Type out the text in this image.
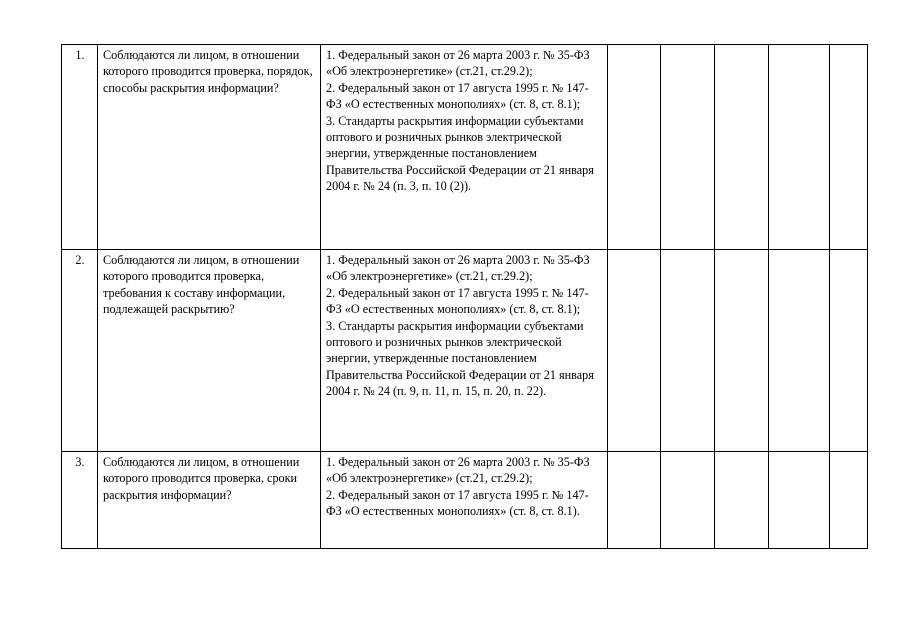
1.	Соблюдаются ли лицом, в отношении которого проводится проверка, порядок, способы раскрытия информации?	1. Федеральный закон от 26 марта 2003 г. № 35-ФЗ «Об электроэнергетике» (ст.21, ст.29.2);
2. Федеральный закон от 17 августа 1995 г. № 147-ФЗ «О естественных монополиях» (ст. 8, ст. 8.1);
3. Стандарты раскрытия информации субъектами оптового и розничных рынков электрической энергии, утвержденные постановлением Правительства Российской Федерации от 21 января 2004 г. № 24 (п. 3, п. 10 (2)).					

2.	Соблюдаются ли лицом, в отношении которого проводится проверка, требования к составу информации, подлежащей раскрытию?	1. Федеральный закон от 26 марта 2003 г. № 35-ФЗ «Об электроэнергетике» (ст.21, ст.29.2);
2. Федеральный закон от 17 августа 1995 г. № 147-ФЗ «О естественных монополиях» (ст. 8, ст. 8.1);
3. Стандарты раскрытия информации субъектами оптового и розничных рынков электрической энергии, утвержденные постановлением Правительства Российской Федерации от 21 января 2004 г. № 24 (п. 9, п. 11, п. 15, п. 20, п. 22).					

3.	Соблюдаются ли лицом, в отношении которого проводится проверка, сроки раскрытия информации?	1. Федеральный закон от 26 марта 2003 г. № 35-ФЗ «Об электроэнергетике» (ст.21, ст.29.2);
2. Федеральный закон от 17 августа 1995 г. № 147-ФЗ «О естественных монополиях» (ст. 8, ст. 8.1).					
